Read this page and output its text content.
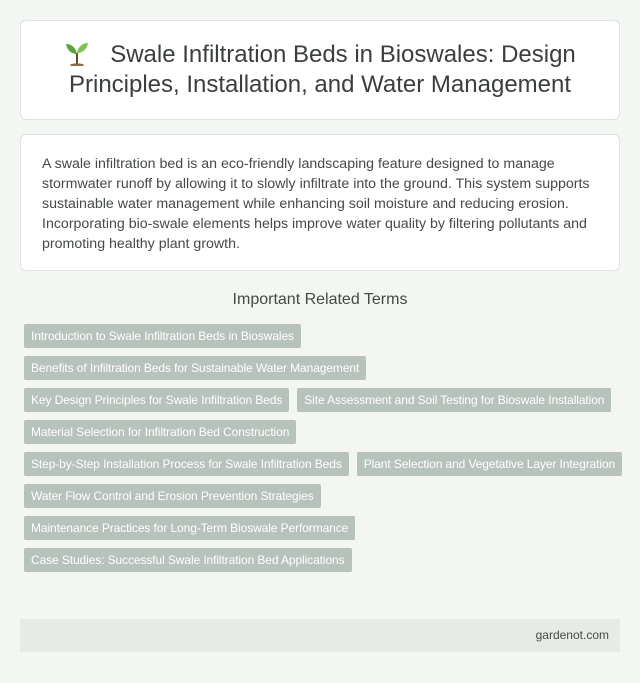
Swale Infiltration Beds in Bioswales: Design Principles, Installation, and Water Management

A swale infiltration bed is an eco-friendly landscaping feature designed to manage stormwater runoff by allowing it to slowly infiltrate into the ground. This system supports sustainable water management while enhancing soil moisture and reducing erosion. Incorporating bio-swale elements helps improve water quality by filtering pollutants and promoting healthy plant growth.

Important Related Terms
Introduction to Swale Infiltration Beds in Bioswales
Benefits of Infiltration Beds for Sustainable Water Management
Key Design Principles for Swale Infiltration Beds	Site Assessment and Soil Testing for Bioswale Installation
Material Selection for Infiltration Bed Construction
Step-by-Step Installation Process for Swale Infiltration Beds	Plant Selection and Vegetative Layer Integration
Water Flow Control and Erosion Prevention Strategies
Maintenance Practices for Long-Term Bioswale Performance
Case Studies: Successful Swale Infiltration Bed Applications
gardenot.com
